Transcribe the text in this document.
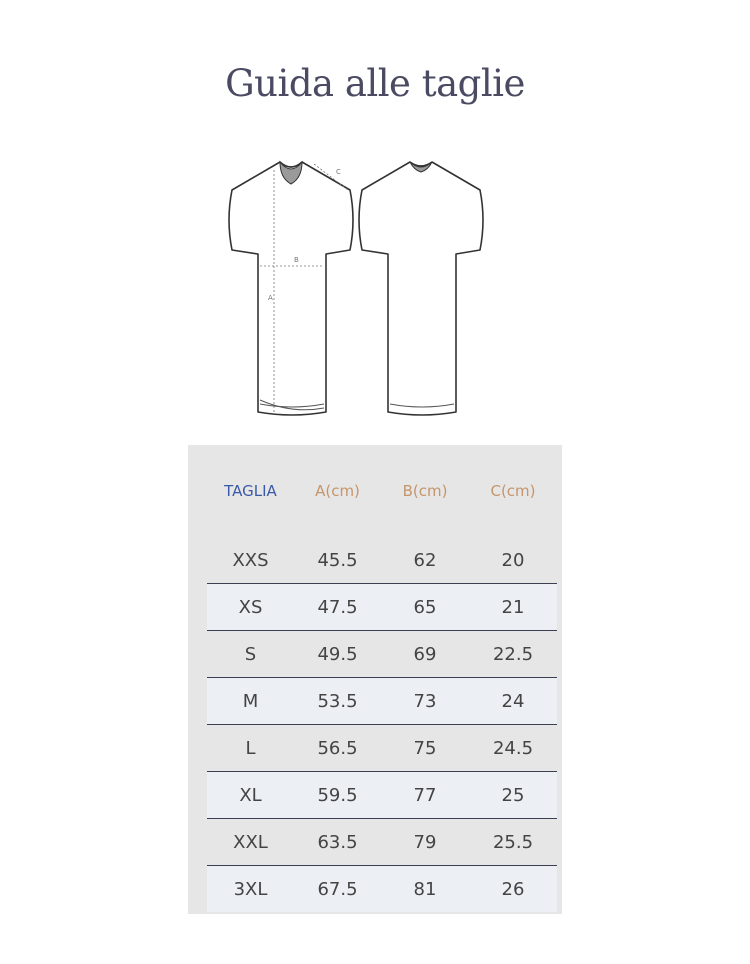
Guida alle taglie
B
A
C
TAGLIA	A(cm)	B(cm)	C(cm)
XXS	45.5	62	20
XS	47.5	65	21
S	49.5	69	22.5
M	53.5	73	24
L	56.5	75	24.5
XL	59.5	77	25
XXL	63.5	79	25.5
3XL	67.5	81	26
